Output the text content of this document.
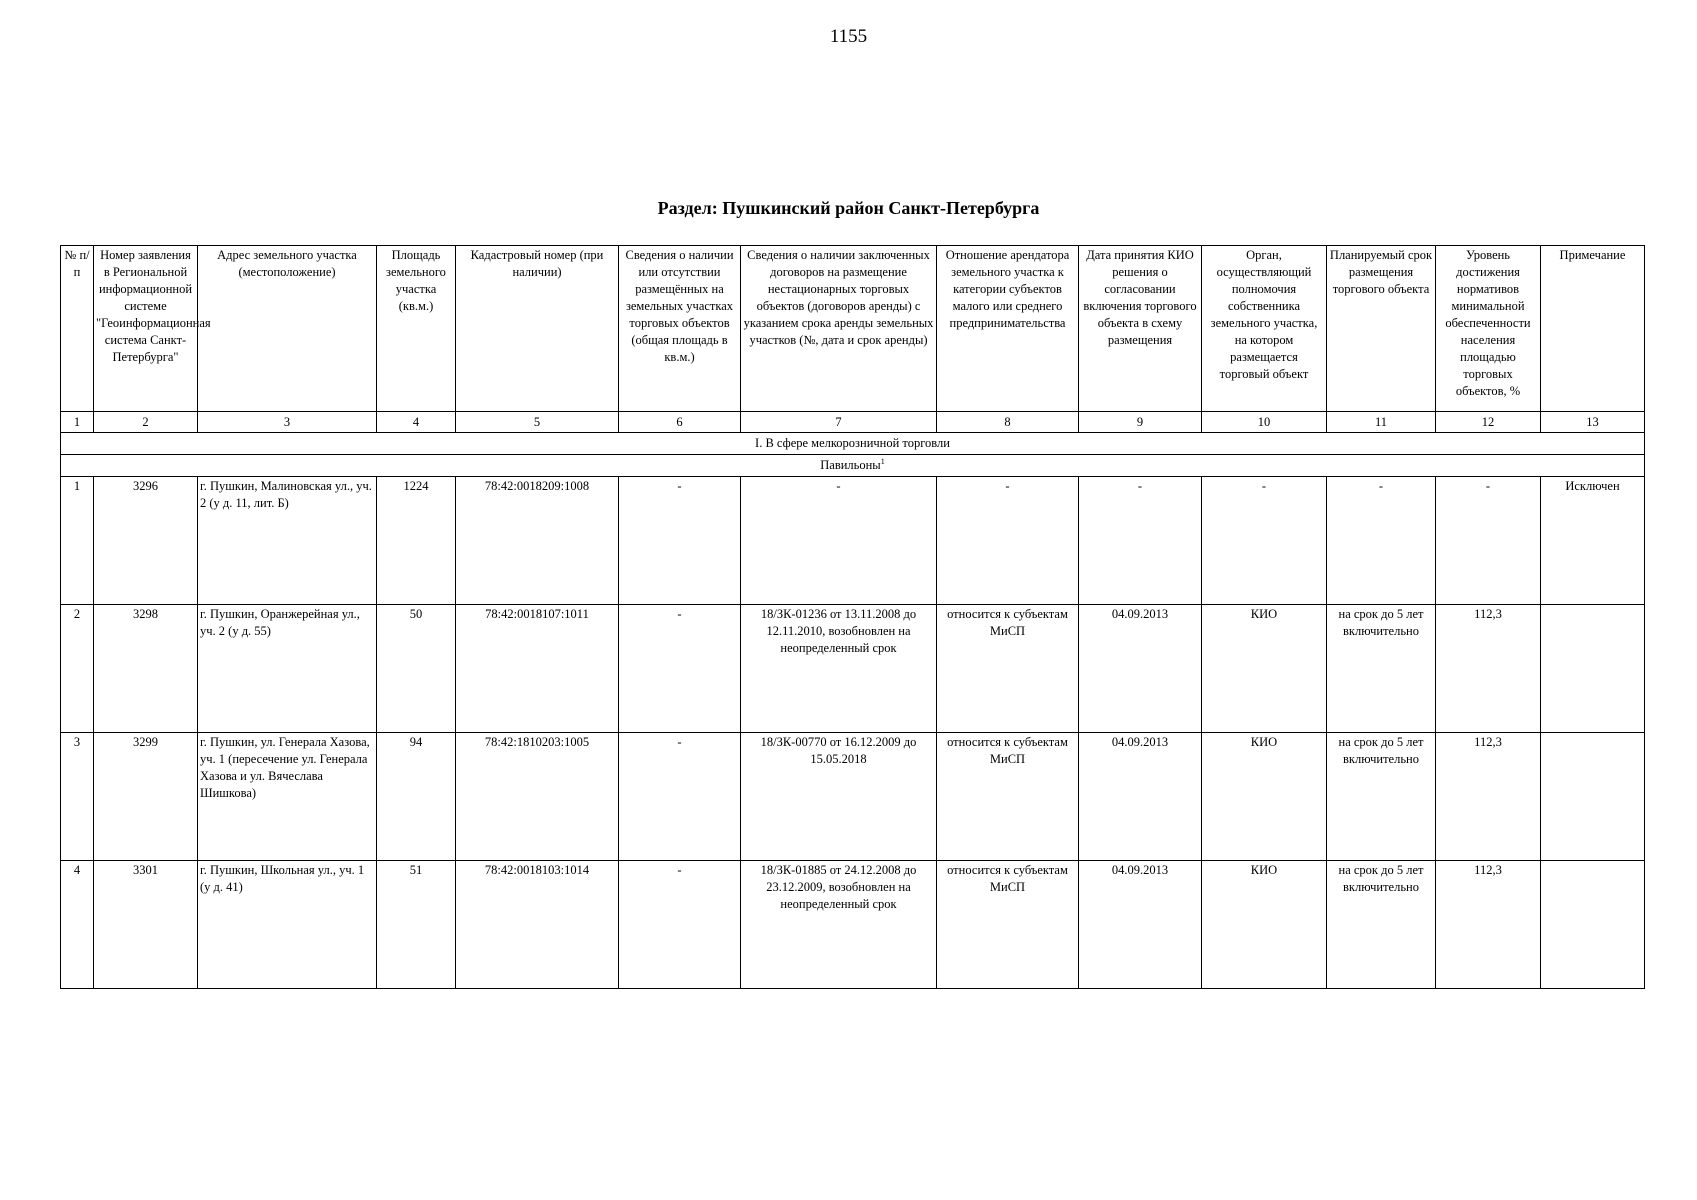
1155
Раздел: Пушкинский район Санкт-Петербурга
№ п/п	Номер заявления в Региональной информационной системе "Геоинформационная система Санкт-Петербурга"	Адрес земельного участка (местоположение)	Площадь земельного участка (кв.м.)	Кадастровый номер (при наличии)	Сведения о наличии или отсутствии размещённых на земельных участках торговых объектов (общая площадь в кв.м.)	Сведения о наличии заключенных договоров на размещение нестационарных торговых объектов (договоров аренды) с указанием срока аренды земельных участков (№, дата и срок аренды)	Отношение арендатора земельного участка к категории субъектов малого или среднего предпринимательства	Дата принятия КИО решения о согласовании включения торгового объекта в схему размещения	Орган, осуществляющий полномочия собственника земельного участка, на котором размещается торговый объект	Планируемый срок размещения торгового объекта	Уровень достижения нормативов минимальной обеспеченности населения площадью торговых объектов, %	Примечание
1	2	3	4	5	6	7	8	9	10	11	12	13
I. В сфере мелкорозничной торговли												
Павильоны$^1$
1	3296	г. Пушкин, Малиновская ул., уч. 2 (у д. 11, лит. Б)	1224	78:42:0018209:1008	-	-	-	-	-	-	-	Исключен
2	3298	г. Пушкин, Оранжерейная ул., уч. 2 (у д. 55)	50	78:42:0018107:1011	-	18/ЗК-01236 от 13.11.2008 до 12.11.2010, возобновлен на неопределенный срок	относится к субъектам МиСП	04.09.2013	КИО	на срок до 5 лет включительно	112,3	
3	3299	г. Пушкин, ул. Генерала Хазова, уч. 1 (пересечение ул. Генерала Хазова и ул. Вячеслава Шишкова)	94	78:42:1810203:1005	-	18/ЗК-00770 от 16.12.2009 до 15.05.2018	относится к субъектам МиСП	04.09.2013	КИО	на срок до 5 лет включительно	112,3	
4	3301	г. Пушкин, Школьная ул., уч. 1 (у д. 41)	51	78:42:0018103:1014	-	18/ЗК-01885 от 24.12.2008 до 23.12.2009, возобновлен на неопределенный срок	относится к субъектам МиСП	04.09.2013	КИО	на срок до 5 лет включительно	112,3	
